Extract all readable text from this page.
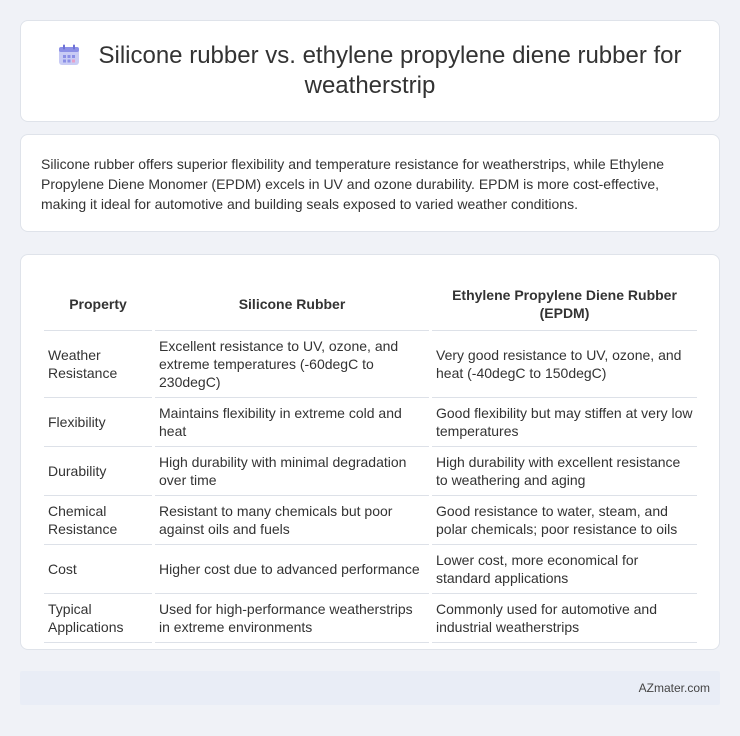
Silicone rubber vs. ethylene propylene diene rubber for weatherstrip

Silicone rubber offers superior flexibility and temperature resistance for weatherstrips, while Ethylene Propylene Diene Monomer (EPDM) excels in UV and ozone durability. EPDM is more cost-effective, making it ideal for automotive and building seals exposed to varied weather conditions.

Property	Silicone Rubber	Ethylene Propylene Diene Rubber (EPDM)
Weather Resistance	Excellent resistance to UV, ozone, and extreme temperatures (-60degC to 230degC)	Very good resistance to UV, ozone, and heat (-40degC to 150degC)
Flexibility	Maintains flexibility in extreme cold and heat	Good flexibility but may stiffen at very low temperatures
Durability	High durability with minimal degradation over time	High durability with excellent resistance to weathering and aging
Chemical Resistance	Resistant to many chemicals but poor against oils and fuels	Good resistance to water, steam, and polar chemicals; poor resistance to oils
Cost	Higher cost due to advanced performance	Lower cost, more economical for standard applications
Typical Applications	Used for high-performance weatherstrips in extreme environments	Commonly used for automotive and industrial weatherstrips
AZmater.com
